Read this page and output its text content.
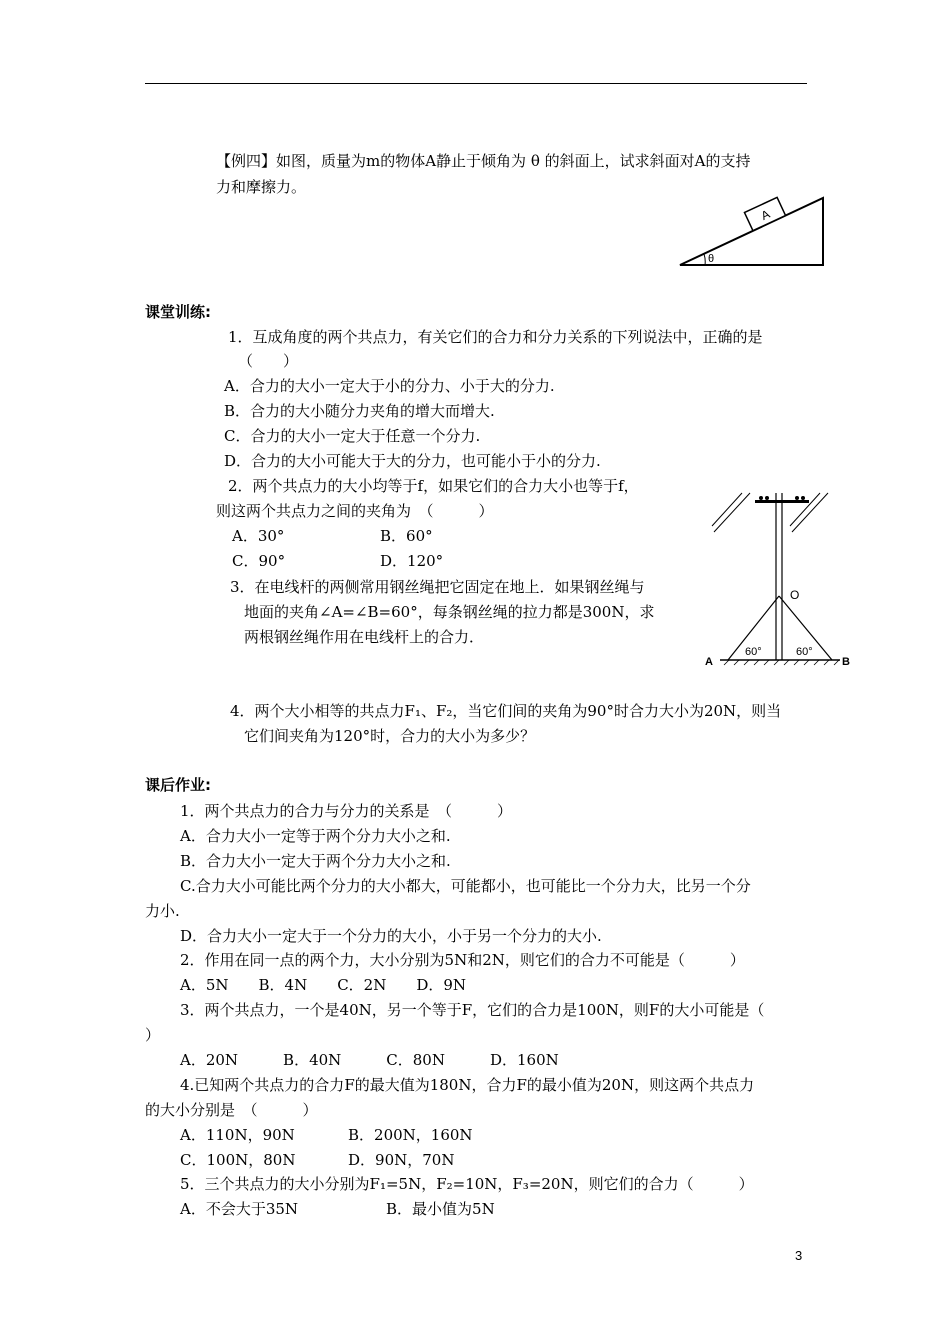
【例四】如图，质量为m的物体A静止于倾角为 θ 的斜面上，试求斜面对A的支持
力和摩擦力。
A
θ
课堂训练:
1．互成角度的两个共点力，有关它们的合力和分力关系的下列说法中，正确的是
（　　）
A．合力的大小一定大于小的分力、小于大的分力.
B．合力的大小随分力夹角的增大而增大.
C．合力的大小一定大于任意一个分力.
D．合力的大小可能大于大的分力，也可能小于小的分力.
2．两个共点力的大小均等于f，如果它们的合力大小也等于f，
则这两个共点力之间的夹角为　（　　　）
A．30°	B．60°
C．90°	D．120°
3．在电线杆的两侧常用钢丝绳把它固定在地上．如果钢丝绳与
地面的夹角∠A=∠B=60°，每条钢丝绳的拉力都是300N，求
两根钢丝绳作用在电线杆上的合力．
O
A	B
60°	60°
4．两个大小相等的共点力F₁、F₂，当它们间的夹角为90°时合力大小为20N，则当
它们间夹角为120°时，合力的大小为多少？
课后作业:
1．两个共点力的合力与分力的关系是　（　　　）
A．合力大小一定等于两个分力大小之和.
B．合力大小一定大于两个分力大小之和.
C.合力大小可能比两个分力的大小都大，可能都小，也可能比一个分力大，比另一个分
力小.
D．合力大小一定大于一个分力的大小，小于另一个分力的大小.
2．作用在同一点的两个力，大小分别为5N和2N，则它们的合力不可能是（　　　）
A．5N　　B．4N　　C．2N　　D．9N
3．两个共点力，一个是40N，另一个等于F，它们的合力是100N，则F的大小可能是（
）
A．20N　　　B．40N　　　C．80N　　　D．160N
4.已知两个共点力的合力F的最大值为180N，合力F的最小值为20N，则这两个共点力
的大小分别是　（　　　）
A．110N，90N	B．200N，160N
C．100N，80N	D．90N，70N
5．三个共点力的大小分别为F₁=5N，F₂=10N，F₃=20N，则它们的合力（　　　）
A．不会大于35N	B．最小值为5N
3
